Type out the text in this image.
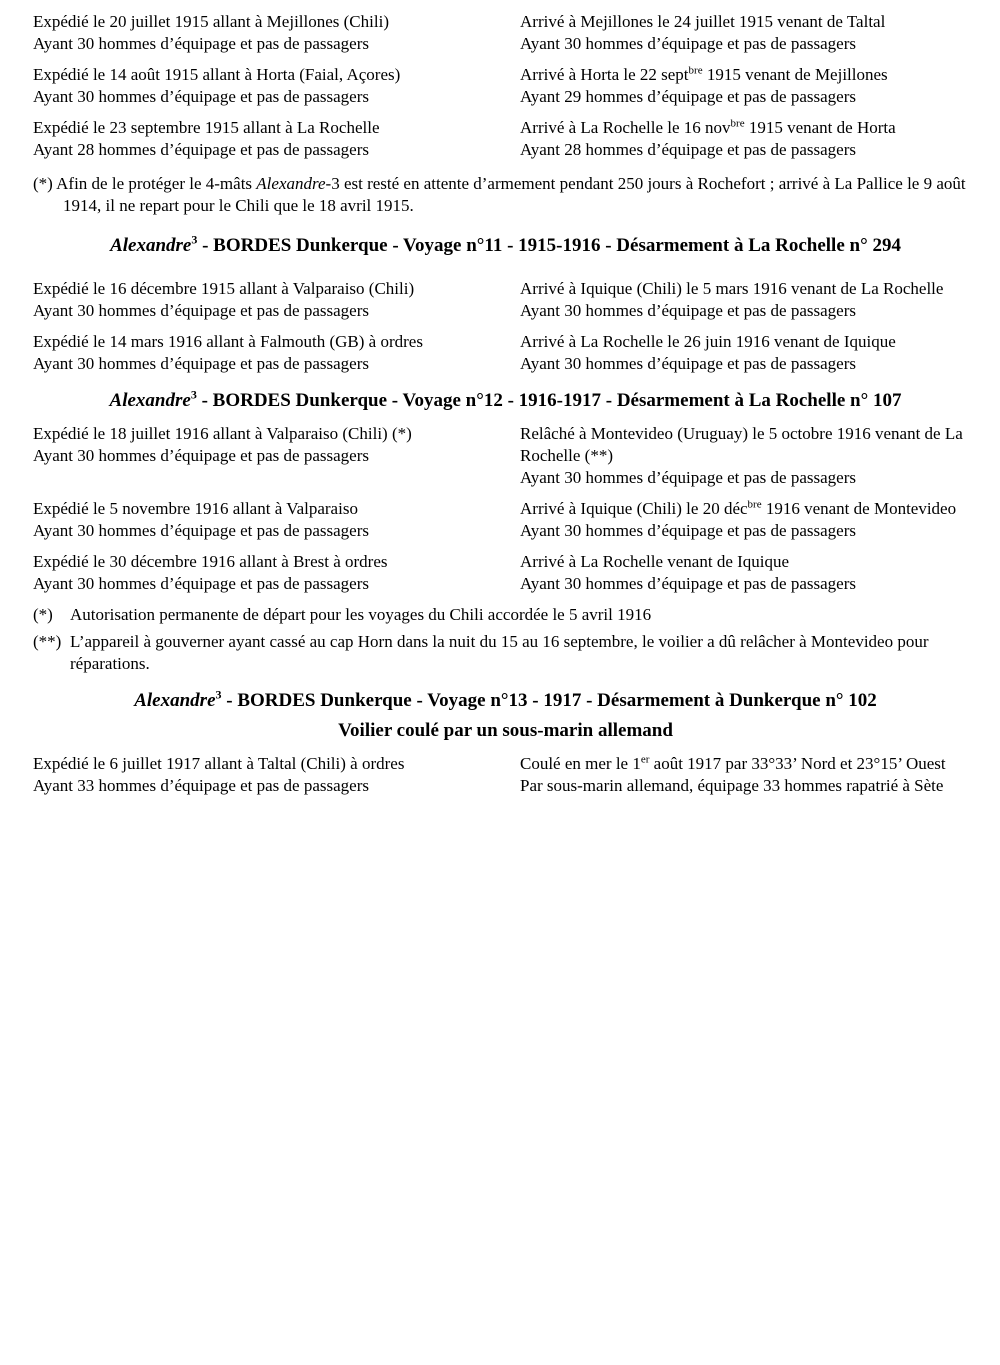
Expédié le 20 juillet 1915 allant à Mejillones (Chili)

Ayant 30 hommes d’équipage et pas de passagers

Arrivé à Mejillones le 24 juillet 1915 venant de Taltal

Ayant 30 hommes d’équipage et pas de passagers

Expédié le 14 août 1915 allant à Horta (Faial, Açores)

Ayant 30 hommes d’équipage et pas de passagers

Arrivé à Horta le 22 sept$^{bre}$ 1915 venant de Mejillones

Ayant 29 hommes d’équipage et pas de passagers

Expédié le 23 septembre 1915 allant à La Rochelle

Ayant 28 hommes d’équipage et pas de passagers

Arrivé à La Rochelle le 16 nov$^{bre}$ 1915 venant de Horta

Ayant 28 hommes d’équipage et pas de passagers

(*) Afin de le protéger le 4-mâts Alexandre-3 est resté en attente d’armement pendant 250 jours à Rochefort ; arrivé à La Pallice le 9 août 1914, il ne repart pour le Chili que le 18 avril 1915.

Alexandre$^3$ - BORDES Dunkerque - Voyage n°11 - 1915-1916 - Désarmement à La Rochelle n° 294

Expédié le 16 décembre 1915 allant à Valparaiso (Chili)

Ayant 30 hommes d’équipage et pas de passagers

Arrivé à Iquique (Chili) le 5 mars 1916 venant de La Rochelle

Ayant 30 hommes d’équipage et pas de passagers

Expédié le 14 mars 1916 allant à Falmouth (GB) à ordres

Ayant 30 hommes d’équipage et pas de passagers

Arrivé à La Rochelle le 26 juin 1916 venant de Iquique

Ayant 30 hommes d’équipage et pas de passagers

Alexandre$^3$ - BORDES Dunkerque - Voyage n°12 - 1916-1917 - Désarmement à La Rochelle n° 107

Expédié le 18 juillet 1916 allant à Valparaiso (Chili) (*)

Ayant 30 hommes d’équipage et pas de passagers

Relâché à Montevideo (Uruguay) le 5 octobre 1916 venant de La Rochelle (**)

Ayant 30 hommes d’équipage et pas de passagers

Expédié le 5 novembre 1916 allant à Valparaiso

Ayant 30 hommes d’équipage et pas de passagers

Arrivé à Iquique (Chili) le 20 déc$^{bre}$ 1916 venant de Montevideo

Ayant 30 hommes d’équipage et pas de passagers

Expédié le 30 décembre 1916 allant à Brest à ordres

Ayant 30 hommes d’équipage et pas de passagers

Arrivé à La Rochelle venant de Iquique

Ayant 30 hommes d’équipage et pas de passagers

(*)	Autorisation permanente de départ pour les voyages du Chili accordée le 5 avril 1916
(**) L’appareil à gouverner ayant cassé au cap Horn dans la nuit du 15 au 16 septembre, le voilier a dû relâcher à Montevideo pour réparations.
Alexandre$^3$ - BORDES Dunkerque - Voyage n°13 - 1917 - Désarmement à Dunkerque n° 102
Voilier coulé par un sous-marin allemand

Expédié le 6 juillet 1917 allant à Taltal (Chili) à ordres

Ayant 33 hommes d’équipage et pas de passagers

Coulé en mer le 1er août 1917 par 33°33’ Nord et 23°15’ Ouest

Par sous-marin allemand, équipage 33 hommes rapatrié à Sète
